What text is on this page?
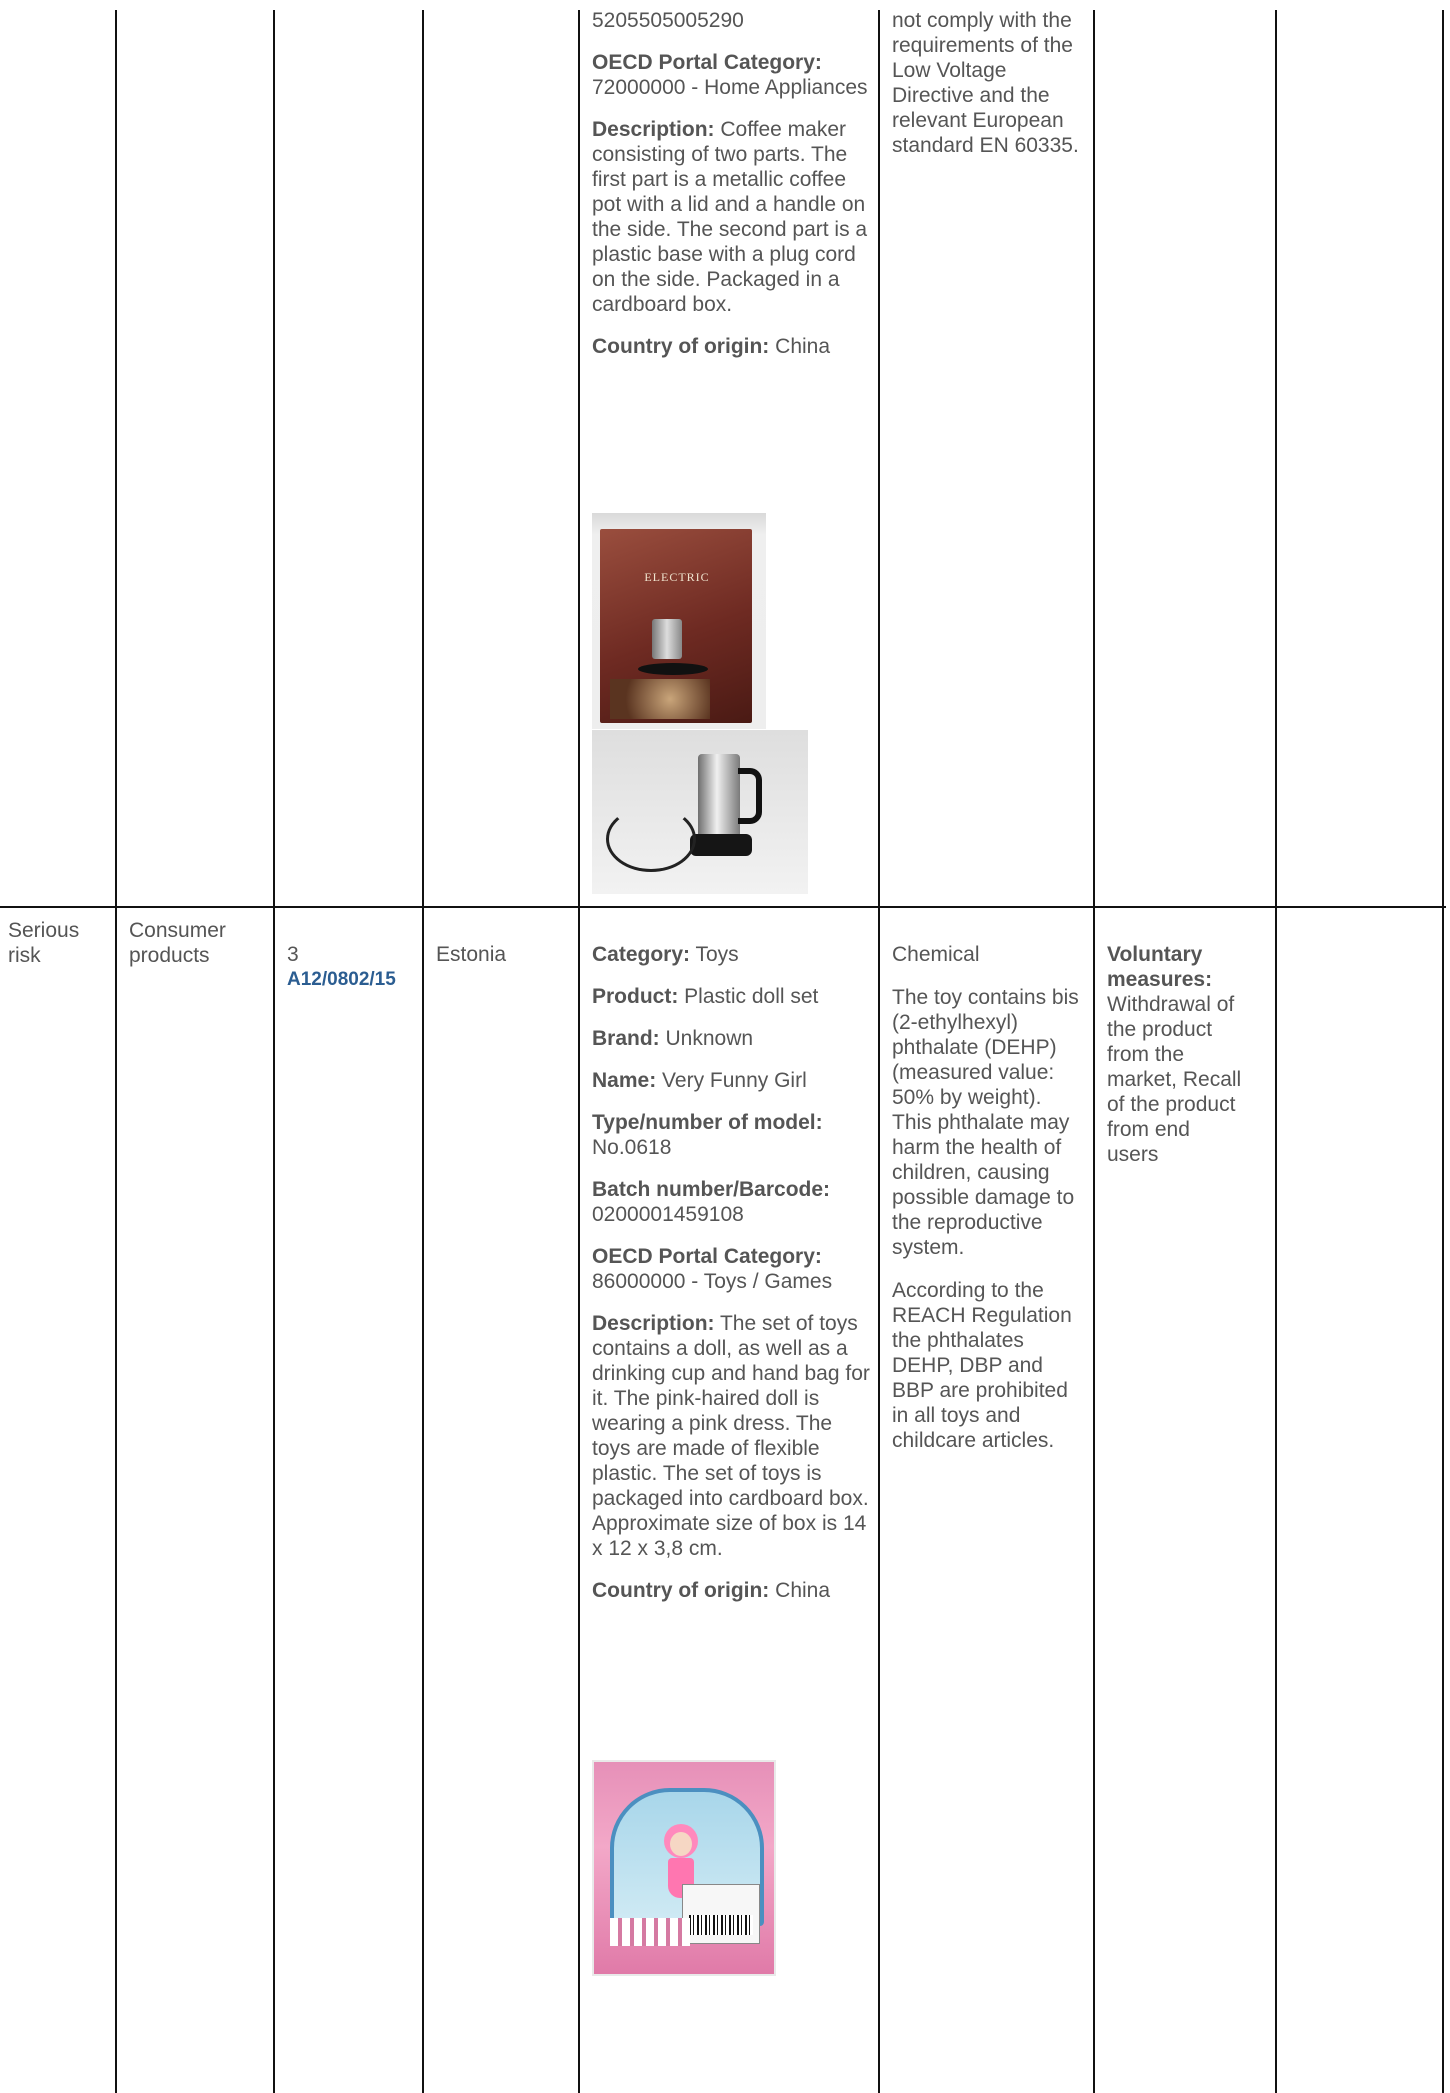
5205505005290
OECD Portal Category:
72000000 - Home Appliances
Description: Coffee maker consisting of two parts. The first part is a metallic coffee pot with a lid and a handle on the side. The second part is a plastic base with a plug cord on the side. Packaged in a cardboard box.
Country of origin: China
ELECTRIC
not comply with the requirements of the Low Voltage Directive and the relevant European standard EN 60335.
Serious risk
Consumer products	3
A12/0802/15
Estonia	Category: Toys
Product: Plastic doll set
Brand: Unknown
Name: Very Funny Girl
Type/number of model:
No.0618
Batch number/Barcode:
0200001459108
OECD Portal Category:
86000000 - Toys / Games
Description: The set of toys contains a doll, as well as a drinking cup and hand bag for it. The pink-haired doll is wearing a pink dress. The toys are made of flexible plastic. The set of toys is packaged into cardboard box. Approximate size of box is 14 x 12 x 3,8 cm.
Country of origin: China
Chemical
The toy contains bis (2-ethylhexyl) phthalate (DEHP) (measured value: 50% by weight). This phthalate may harm the health of children, causing possible damage to the reproductive system.
According to the REACH Regulation the phthalates DEHP, DBP and BBP are prohibited in all toys and childcare articles.
Voluntary measures:
Withdrawal of the product from the market, Recall of the product from end users
